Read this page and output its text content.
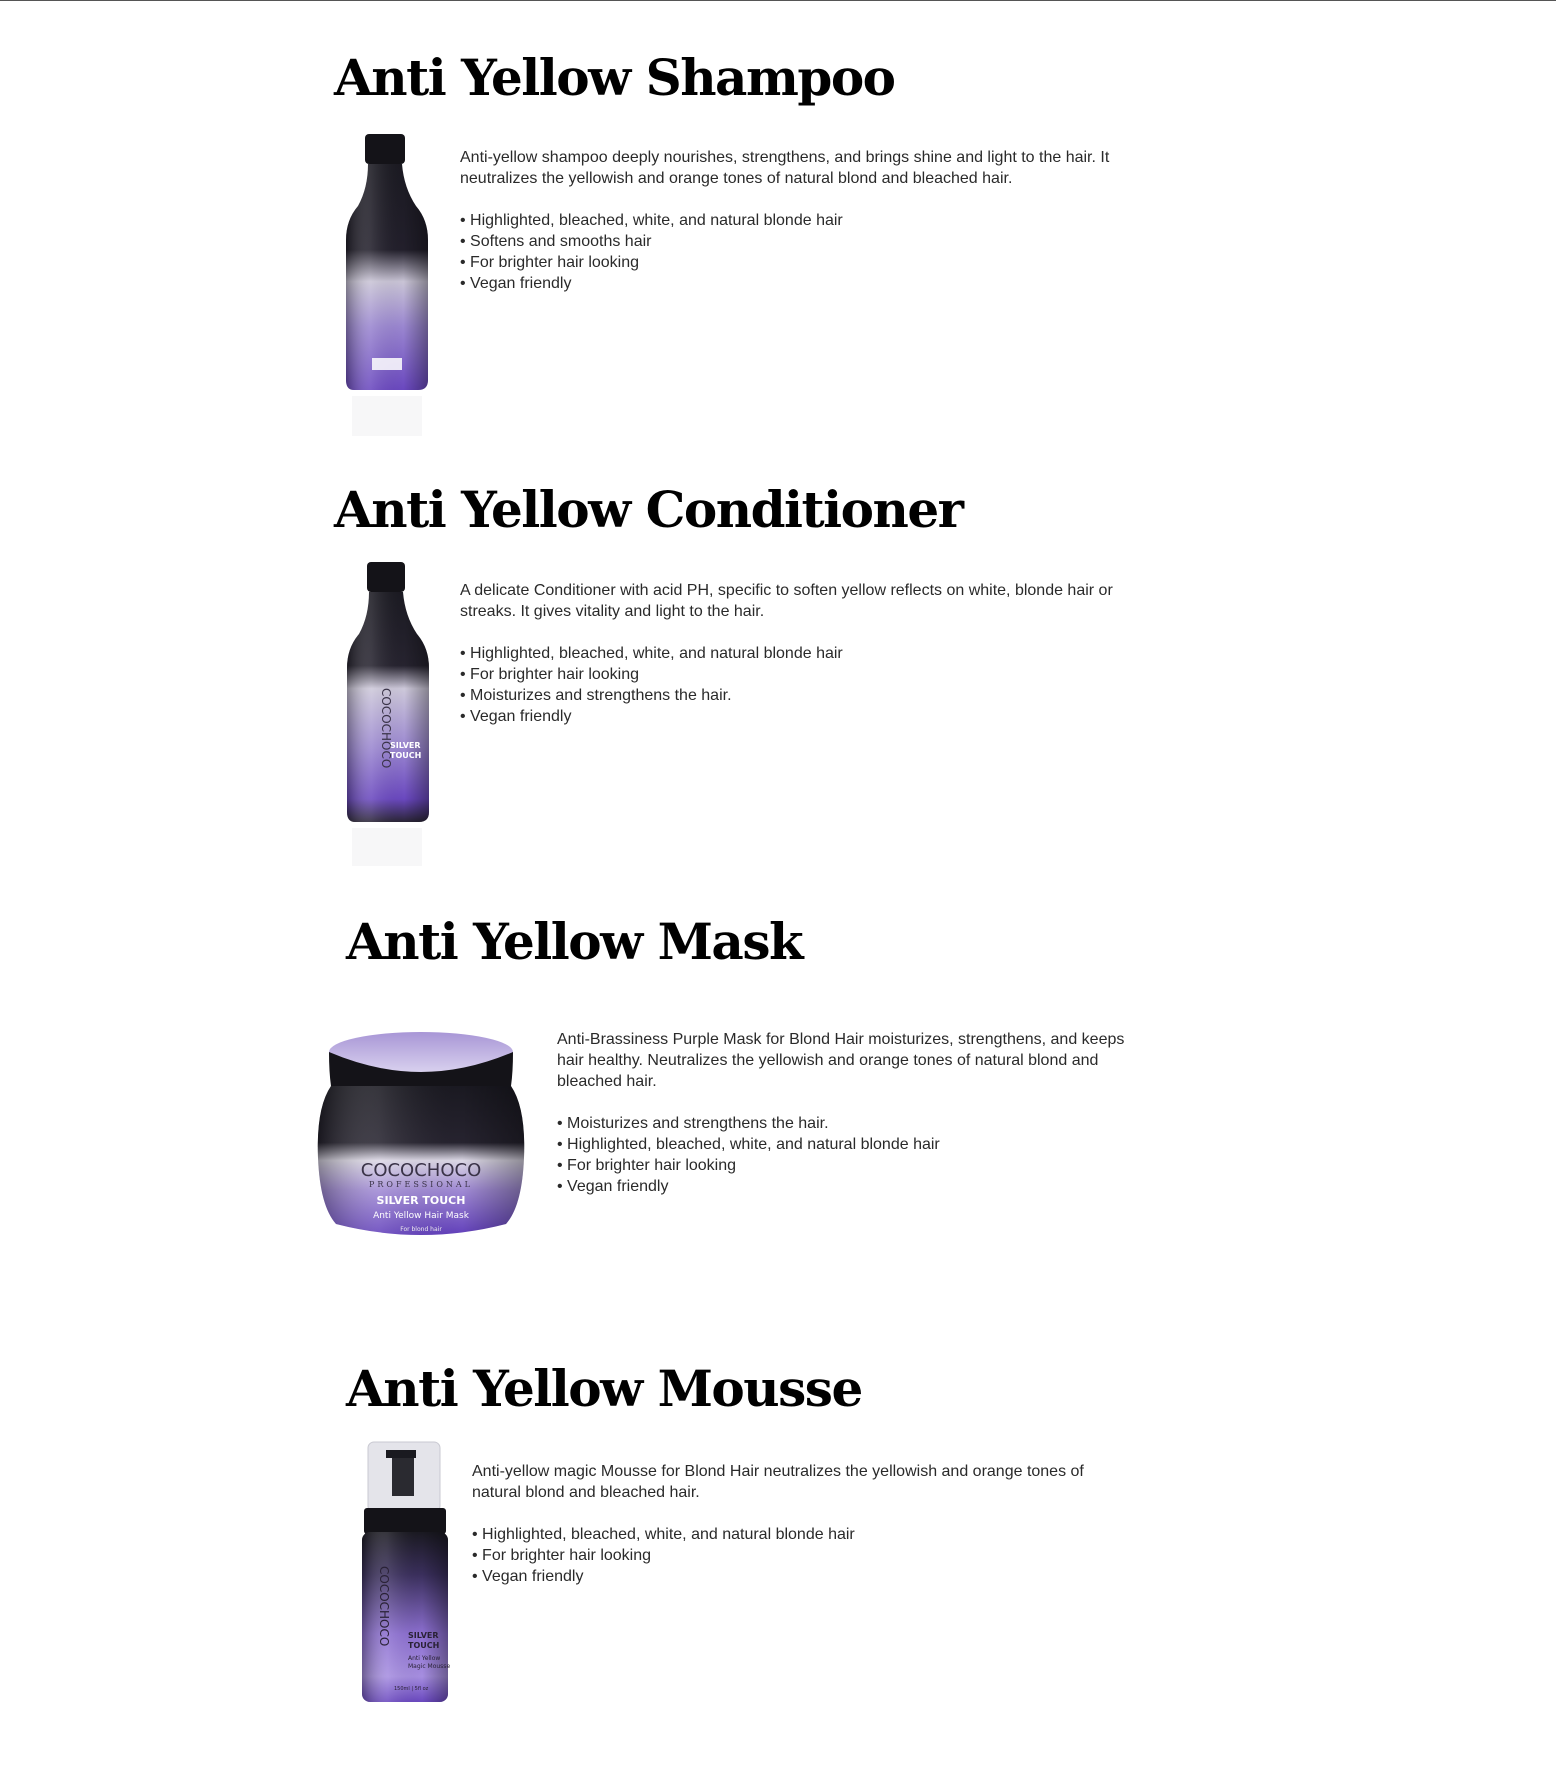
Anti Yellow Shampoo

Anti-yellow shampoo deeply nourishes, strengthens, and brings shine and light to the hair. It neutralizes the yellowish and orange tones of natural blond and bleached hair.

• Highlighted, bleached, white, and natural blonde hair
• Softens and smooths hair
• For brighter hair looking
• Vegan friendly
Anti Yellow Conditioner
COCOCHOCO
SILVER
TOUCH

A delicate Conditioner with acid PH, specific to soften yellow reflects on white, blonde hair or streaks. It gives vitality and light to the hair.

• Highlighted, bleached, white, and natural blonde hair
• For brighter hair looking
• Moisturizes and strengthens the hair.
• Vegan friendly
Anti Yellow Mask
COCOCHOCO
PROFESSIONAL
SILVER TOUCH
Anti Yellow Hair Mask
For blond hair

Anti-Brassiness Purple Mask for Blond Hair moisturizes, strengthens, and keeps hair healthy. Neutralizes the yellowish and orange tones of natural blond and bleached hair.

• Moisturizes and strengthens the hair.
• Highlighted, bleached, white, and natural blonde hair
• For brighter hair looking
• Vegan friendly
Anti Yellow Mousse
COCOCHOCO SILVER
TOUCH
Anti Yellow
Magic Mousse
150ml | 5fl oz

Anti-yellow magic Mousse for Blond Hair neutralizes the yellowish and orange tones of natural blond and bleached hair.

• Highlighted, bleached, white, and natural blonde hair
• For brighter hair looking
• Vegan friendly
